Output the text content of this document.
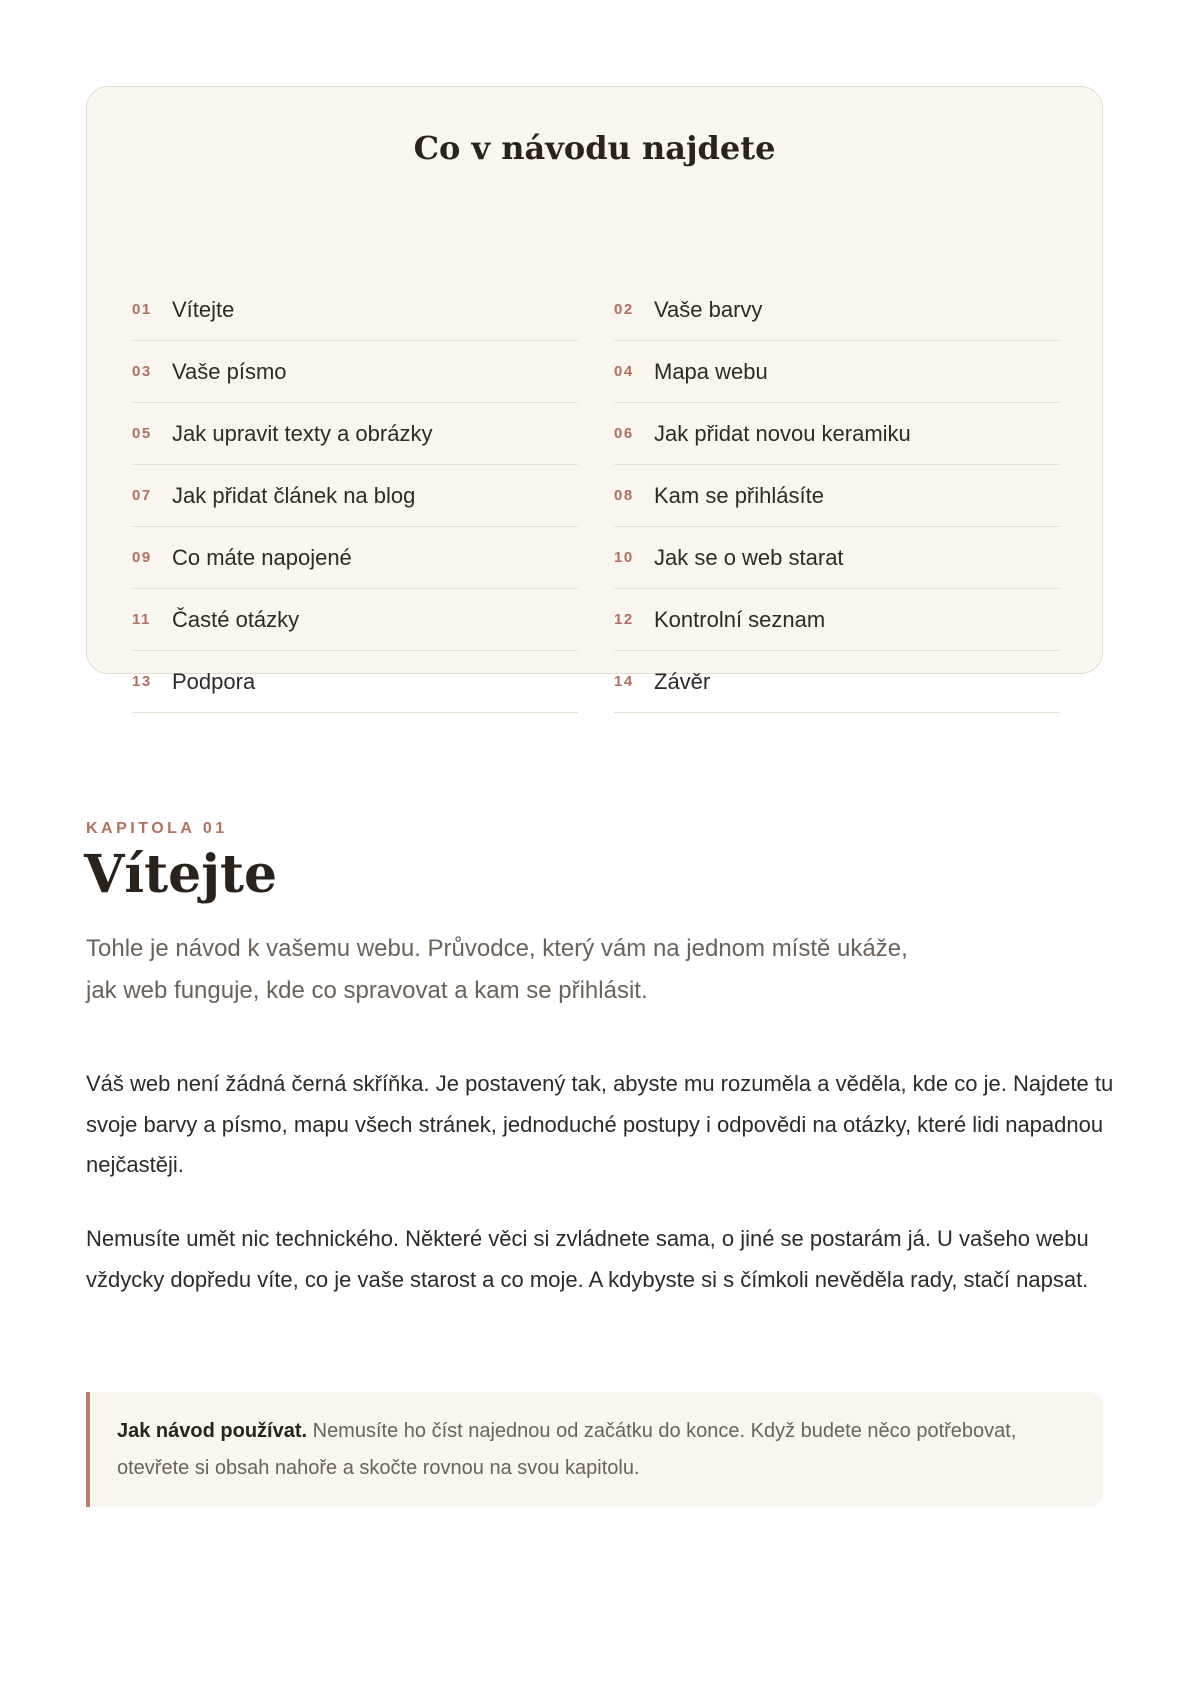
Co v návodu najdete
01 Vítejte	02 Vaše barvy
03 Vaše písmo	04 Mapa webu
05 Jak upravit texty a obrázky	06 Jak přidat novou keramiku
07 Jak přidat článek na blog	08 Kam se přihlásíte
09 Co máte napojené	10 Jak se o web starat
11 Časté otázky	12 Kontrolní seznam
13 Podpora	14 Závěr

KAPITOLA 01

Vítejte

Tohle je návod k vašemu webu. Průvodce, který vám na jednom místě ukáže, jak web funguje, kde co spravovat a kam se přihlásit.

Váš web není žádná černá skříňka. Je postavený tak, abyste mu rozuměla a věděla, kde co je. Najdete tu svoje barvy a písmo, mapu všech stránek, jednoduché postupy i odpovědi na otázky, které lidi napadnou nejčastěji.

Nemusíte umět nic technického. Některé věci si zvládnete sama, o jiné se postarám já. U vašeho webu vždycky dopředu víte, co je vaše starost a co moje. A kdybyste si s čímkoli nevěděla rady, stačí napsat.

Jak návod používat. Nemusíte ho číst najednou od začátku do konce. Když budete něco potřebovat, otevřete si obsah nahoře a skočte rovnou na svou kapitolu.
